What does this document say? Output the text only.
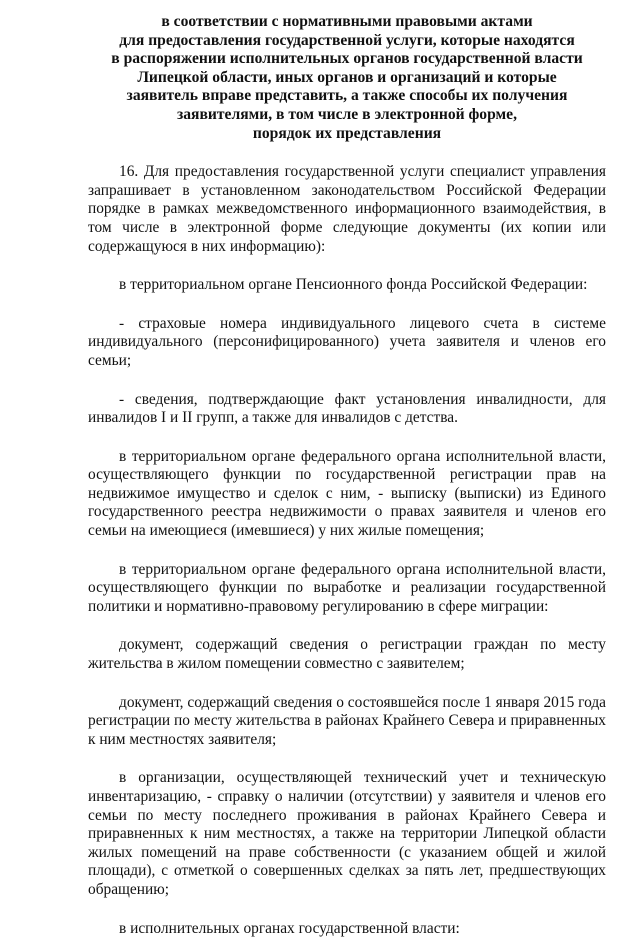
в соответствии с нормативными правовыми актами
для предоставления государственной услуги, которые находятся
в распоряжении исполнительных органов государственной власти
Липецкой области, иных органов и организаций и которые
заявитель вправе представить, а также способы их получения
заявителями, в том числе в электронной форме,
порядок их представления

16. Для предоставления государственной услуги специалист управления запрашивает в установленном законодательством Российской Федерации порядке в рамках межведомственного информационного взаимодействия, в том числе в электронной форме следующие документы (их копии или содержащуюся в них информацию):

в территориальном органе Пенсионного фонда Российской Федерации:

- страховые номера индивидуального лицевого счета в системе индивидуального (персонифицированного) учета заявителя и членов его семьи;

- сведения, подтверждающие факт установления инвалидности, для инвалидов I и II групп, а также для инвалидов с детства.

в территориальном органе федерального органа исполнительной власти, осуществляющего функции по государственной регистрации прав на недвижимое имущество и сделок с ним, - выписку (выписки) из Единого государственного реестра недвижимости о правах заявителя и членов его семьи на имеющиеся (имевшиеся) у них жилые помещения;

в территориальном органе федерального органа исполнительной власти, осуществляющего функции по выработке и реализации государственной политики и нормативно-правовому регулированию в сфере миграции:

документ, содержащий сведения о регистрации граждан по месту жительства в жилом помещении совместно с заявителем;

документ, содержащий сведения о состоявшейся после 1 января 2015 года регистрации по месту жительства в районах Крайнего Севера и приравненных к ним местностях заявителя;

в организации, осуществляющей технический учет и техническую инвентаризацию, - справку о наличии (отсутствии) у заявителя и членов его семьи по месту последнего проживания в районах Крайнего Севера и приравненных к ним местностях, а также на территории Липецкой области жилых помещений на праве собственности (с указанием общей и жилой площади), с отметкой о совершенных сделках за пять лет, предшествующих обращению;

в исполнительных органах государственной власти:
